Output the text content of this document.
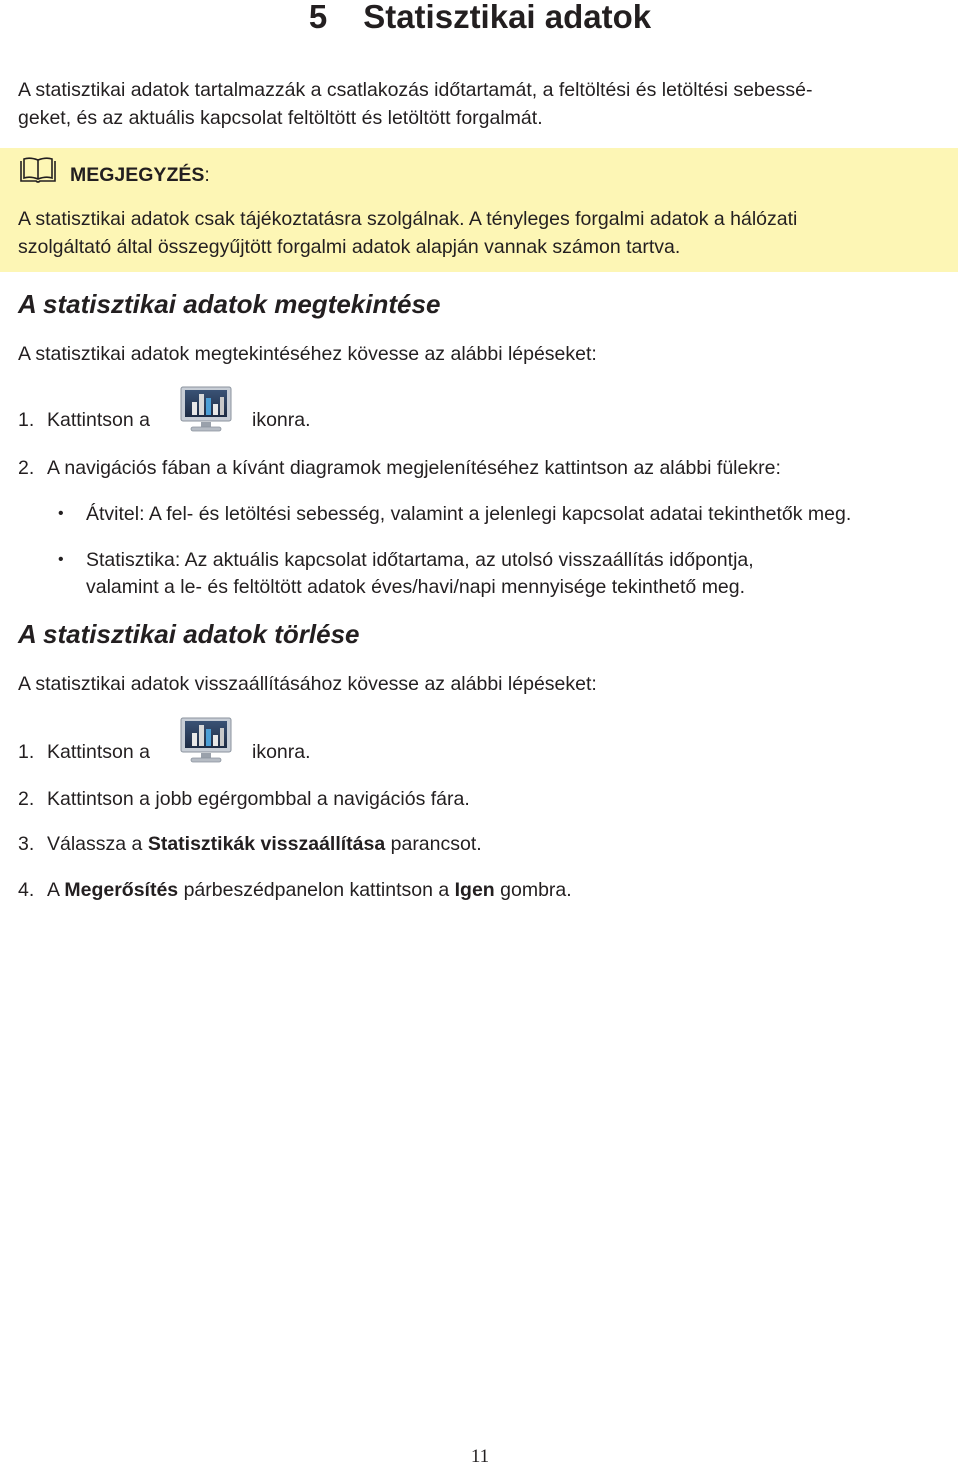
5 Statisztikai adatok
A statisztikai adatok tartalmazzák a csatlakozás időtartamát, a feltöltési és letöltési sebessé-
geket, és az aktuális kapcsolat feltöltött és letöltött forgalmát.
MEGJEGYZÉS:
A statisztikai adatok csak tájékoztatásra szolgálnak. A tényleges forgalmi adatok a hálózati
szolgáltató által összegyűjtött forgalmi adatok alapján vannak számon tartva.
A statisztikai adatok megtekintése
A statisztikai adatok megtekintéséhez kövesse az alábbi lépéseket:
1. Kattintson a	ikonra.
2. A navigációs fában a kívánt diagramok megjelenítéséhez kattintson az alábbi fülekre:
• Átvitel: A fel- és letöltési sebesség, valamint a jelenlegi kapcsolat adatai tekinthetők meg.
• Statisztika: Az aktuális kapcsolat időtartama, az utolsó visszaállítás időpontja,
valamint a le- és feltöltött adatok éves/havi/napi mennyisége tekinthető meg.
A statisztikai adatok törlése
A statisztikai adatok visszaállításához kövesse az alábbi lépéseket:
1. Kattintson a	ikonra.
2. Kattintson a jobb egérgombbal a navigációs fára.
3. Válassza a Statisztikák visszaállítása parancsot.
4. A Megerősítés párbeszédpanelon kattintson a Igen gombra.
11
